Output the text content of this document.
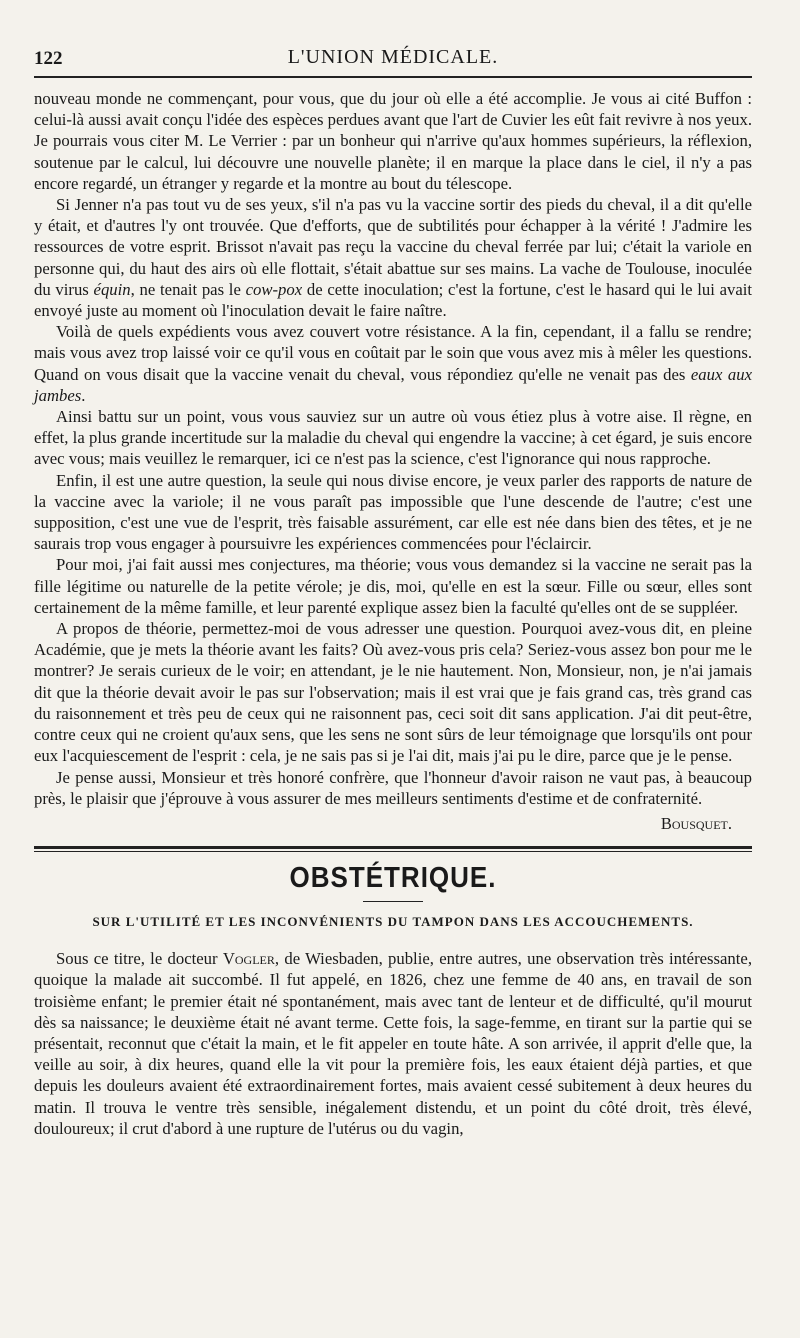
122	L'UNION MÉDICALE.

nouveau monde ne commençant, pour vous, que du jour où elle a été accomplie. Je vous ai cité Buffon : celui-là aussi avait conçu l'idée des espèces perdues avant que l'art de Cuvier les eût fait revivre à nos yeux. Je pourrais vous citer M. Le Verrier : par un bonheur qui n'arrive qu'aux hommes supérieurs, la réflexion, soutenue par le calcul, lui découvre une nouvelle planète; il en marque la place dans le ciel, il n'y a pas encore regardé, un étranger y regarde et la montre au bout du télescope.

Si Jenner n'a pas tout vu de ses yeux, s'il n'a pas vu la vaccine sortir des pieds du cheval, il a dit qu'elle y était, et d'autres l'y ont trouvée. Que d'efforts, que de subtilités pour échapper à la vérité ! J'admire les ressources de votre esprit. Brissot n'avait pas reçu la vaccine du cheval ferrée par lui; c'était la variole en personne qui, du haut des airs où elle flottait, s'était abattue sur ses mains. La vache de Toulouse, inoculée du virus équin, ne tenait pas le cow-pox de cette inoculation; c'est la fortune, c'est le hasard qui le lui avait envoyé juste au moment où l'inoculation devait le faire naître.

Voilà de quels expédients vous avez couvert votre résistance. A la fin, cependant, il a fallu se rendre; mais vous avez trop laissé voir ce qu'il vous en coûtait par le soin que vous avez mis à mêler les questions. Quand on vous disait que la vaccine venait du cheval, vous répondiez qu'elle ne venait pas des eaux aux jambes.

Ainsi battu sur un point, vous vous sauviez sur un autre où vous étiez plus à votre aise. Il règne, en effet, la plus grande incertitude sur la maladie du cheval qui engendre la vaccine; à cet égard, je suis encore avec vous; mais veuillez le remarquer, ici ce n'est pas la science, c'est l'ignorance qui nous rapproche.

Enfin, il est une autre question, la seule qui nous divise encore, je veux parler des rapports de nature de la vaccine avec la variole; il ne vous paraît pas impossible que l'une descende de l'autre; c'est une supposition, c'est une vue de l'esprit, très faisable assurément, car elle est née dans bien des têtes, et je ne saurais trop vous engager à poursuivre les expériences commencées pour l'éclaircir.

Pour moi, j'ai fait aussi mes conjectures, ma théorie; vous vous demandez si la vaccine ne serait pas la fille légitime ou naturelle de la petite vérole; je dis, moi, qu'elle en est la sœur. Fille ou sœur, elles sont certainement de la même famille, et leur parenté explique assez bien la faculté qu'elles ont de se suppléer.

A propos de théorie, permettez-moi de vous adresser une question. Pourquoi avez-vous dit, en pleine Académie, que je mets la théorie avant les faits? Où avez-vous pris cela? Seriez-vous assez bon pour me le montrer? Je serais curieux de le voir; en attendant, je le nie hautement. Non, Monsieur, non, je n'ai jamais dit que la théorie devait avoir le pas sur l'observation; mais il est vrai que je fais grand cas, très grand cas du raisonnement et très peu de ceux qui ne raisonnent pas, ceci soit dit sans application. J'ai dit peut-être, contre ceux qui ne croient qu'aux sens, que les sens ne sont sûrs de leur témoignage que lorsqu'ils ont pour eux l'acquiescement de l'esprit : cela, je ne sais pas si je l'ai dit, mais j'ai pu le dire, parce que je le pense.

Je pense aussi, Monsieur et très honoré confrère, que l'honneur d'avoir raison ne vaut pas, à beaucoup près, le plaisir que j'éprouve à vous assurer de mes meilleurs sentiments d'estime et de confraternité.

Bousquet.
OBSTÉTRIQUE.
SUR L'UTILITÉ ET LES INCONVÉNIENTS DU TAMPON DANS LES ACCOUCHEMENTS.

Sous ce titre, le docteur Vogler, de Wiesbaden, publie, entre autres, une observation très intéressante, quoique la malade ait succombé. Il fut appelé, en 1826, chez une femme de 40 ans, en travail de son troisième enfant; le premier était né spontanément, mais avec tant de lenteur et de difficulté, qu'il mourut dès sa naissance; le deuxième était né avant terme. Cette fois, la sage-femme, en tirant sur la partie qui se présentait, reconnut que c'était la main, et le fit appeler en toute hâte. A son arrivée, il apprit d'elle que, la veille au soir, à dix heures, quand elle la vit pour la première fois, les eaux étaient déjà parties, et que depuis les douleurs avaient été extraordinairement fortes, mais avaient cessé subitement à deux heures du matin. Il trouva le ventre très sensible, inégalement distendu, et un point du côté droit, très élevé, douloureux; il crut d'abord à une rupture de l'utérus ou du vagin,
